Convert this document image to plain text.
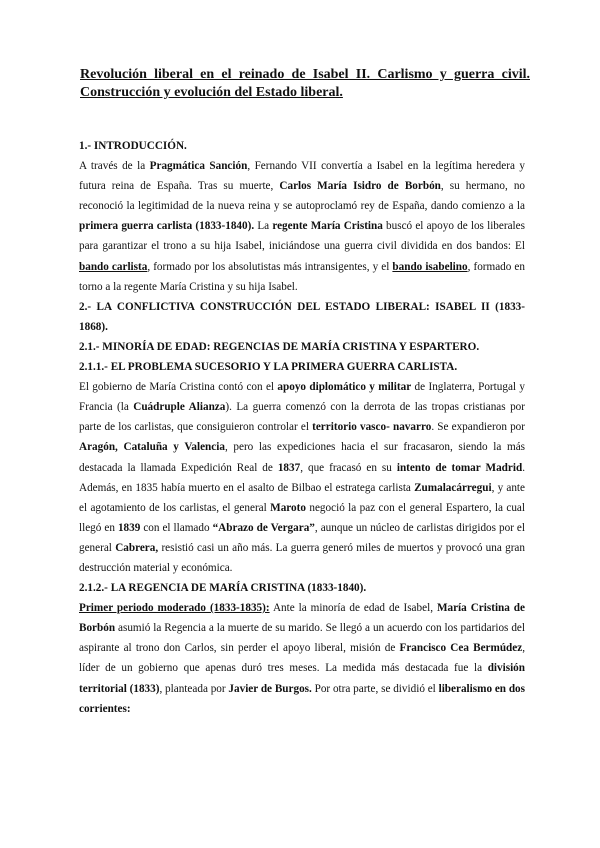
Revolución liberal en el reinado de Isabel II. Carlismo y guerra civil. Construcción y evolución del Estado liberal.
1.- INTRODUCCIÓN.

A través de la Pragmática Sanción, Fernando VII convertía a Isabel en la legítima heredera y futura reina de España. Tras su muerte, Carlos María Isidro de Borbón, su hermano, no reconoció la legitimidad de la nueva reina y se autoproclamó rey de España, dando comienzo a la primera guerra carlista (1833-1840). La regente María Cristina buscó el apoyo de los liberales para garantizar el trono a su hija Isabel, iniciándose una guerra civil dividida en dos bandos: El bando carlista, formado por los absolutistas más intransigentes, y el bando isabelino, formado en torno a la regente María Cristina y su hija Isabel.

2.- LA CONFLICTIVA CONSTRUCCIÓN DEL ESTADO LIBERAL: ISABEL II (1833-1868).
2.1.- MINORÍA DE EDAD: REGENCIAS DE MARÍA CRISTINA Y ESPARTERO.
2.1.1.- EL PROBLEMA SUCESORIO Y LA PRIMERA GUERRA CARLISTA.

El gobierno de María Cristina contó con el apoyo diplomático y militar de Inglaterra, Portugal y Francia (la Cuádruple Alianza). La guerra comenzó con la derrota de las tropas cristianas por parte de los carlistas, que consiguieron controlar el territorio vasco- navarro. Se expandieron por Aragón, Cataluña y Valencia, pero las expediciones hacia el sur fracasaron, siendo la más destacada la llamada Expedición Real de 1837, que fracasó en su intento de tomar Madrid. Además, en 1835 había muerto en el asalto de Bilbao el estratega carlista Zumalacárregui, y ante el agotamiento de los carlistas, el general Maroto negoció la paz con el general Espartero, la cual llegó en 1839 con el llamado “Abrazo de Vergara”, aunque un núcleo de carlistas dirigidos por el general Cabrera, resistió casi un año más. La guerra generó miles de muertos y provocó una gran destrucción material y económica.

2.1.2.- LA REGENCIA DE MARÍA CRISTINA (1833-1840).

Primer periodo moderado (1833-1835): Ante la minoría de edad de Isabel, María Cristina de Borbón asumió la Regencia a la muerte de su marido. Se llegó a un acuerdo con los partidarios del aspirante al trono don Carlos, sin perder el apoyo liberal, misión de Francisco Cea Bermúdez, líder de un gobierno que apenas duró tres meses. La medida más destacada fue la división territorial (1833), planteada por Javier de Burgos. Por otra parte, se dividió el liberalismo en dos corrientes:
